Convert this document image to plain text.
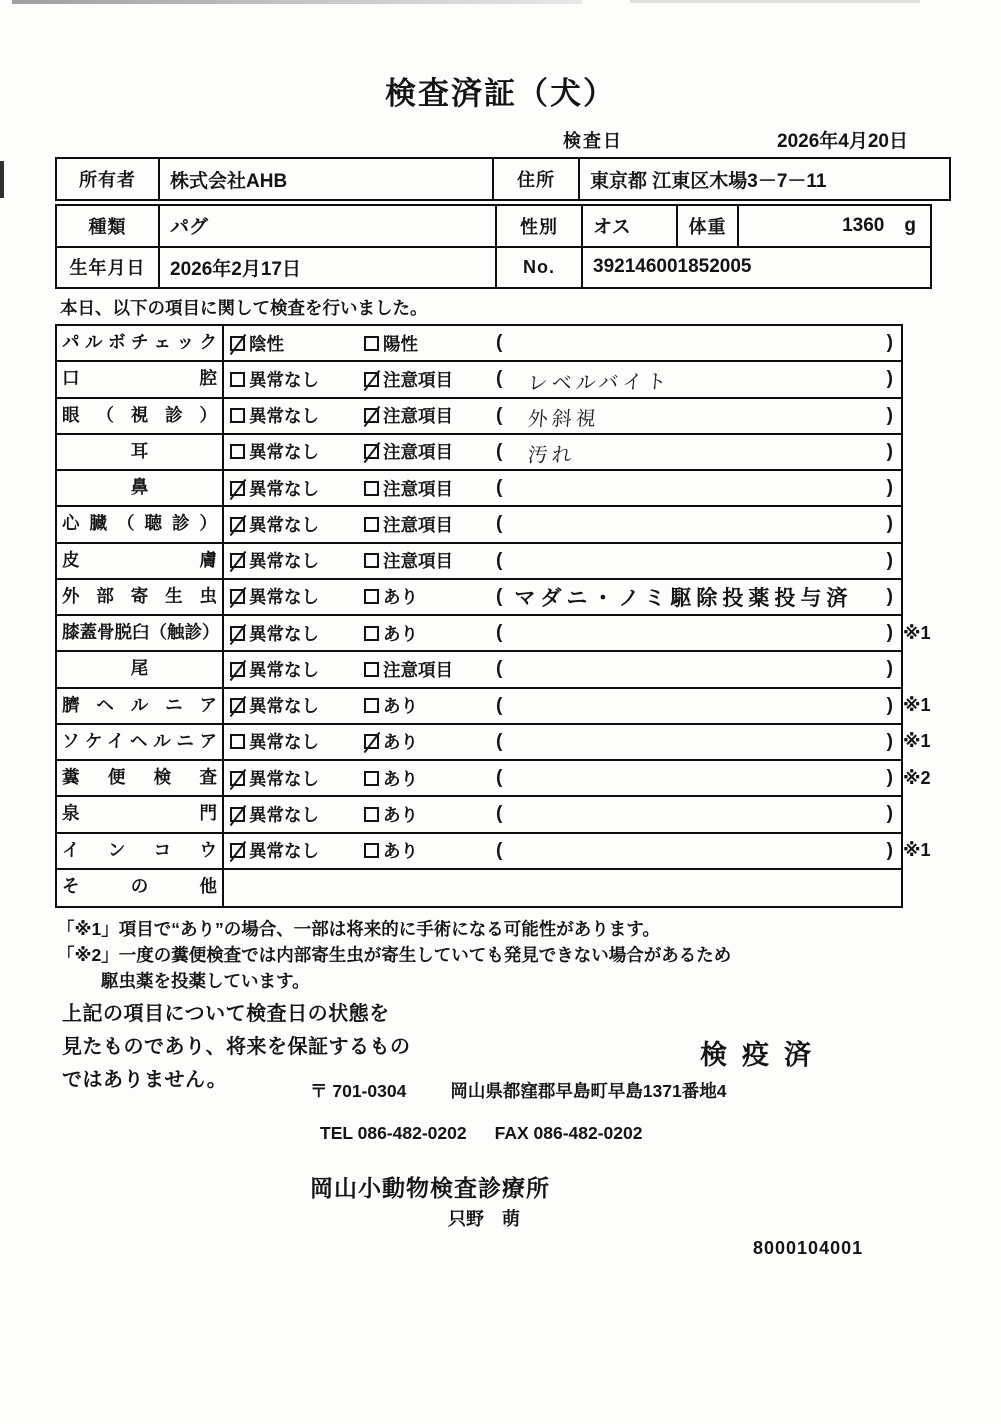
検査済証（犬）
検査日	2026年4月20日
所有者	株式会社AHB	住所	東京都 江東区木場3－7－11
種類	パグ	性別	オス	体重	1360 g
生年月日	2026年2月17日	No.	392146001852005
本日、以下の項目に関して検査を行いました。
パルボチェック	陰性	陽性	(	)
口腔	異常なし	注意項目 ( レベルバイト	)
眼（視診）	異常なし	注意項目 ( 外斜視	)
耳	異常なし	注意項目 ( 汚れ	)
鼻	異常なし	注意項目 (	)
心臓（聴診）	異常なし	注意項目 (	)
皮膚	異常なし	注意項目 (	)
外部寄生虫	異常なし	あり	( マダニ・ノミ駆除投薬投与済	)
膝蓋骨脱臼（触診） 異常なし	あり	(	) ※1
尾	異常なし	注意項目 (	)
臍ヘルニア	異常なし	あり	(	) ※1
ソケイヘルニア	異常なし	あり	(	) ※1
糞便検査	異常なし	あり	(	) ※2
泉門	異常なし	あり	(	)
インコウ	異常なし	あり	(	) ※1
その他
「※1」項目で“あり”の場合、一部は将来的に手術になる可能性があります。
「※2」一度の糞便検査では内部寄生虫が寄生していても発見できない場合があるため
駆虫薬を投薬しています。
上記の項目について検査日の状態を
見たものであり、将来を保証するもの
ではありません。
検疫済
〒 701-0304	岡山県都窪郡早島町早島1371番地4
TEL 086-482-0202 FAX 086-482-0202
岡山小動物検査診療所
只野　萌
8000104001
